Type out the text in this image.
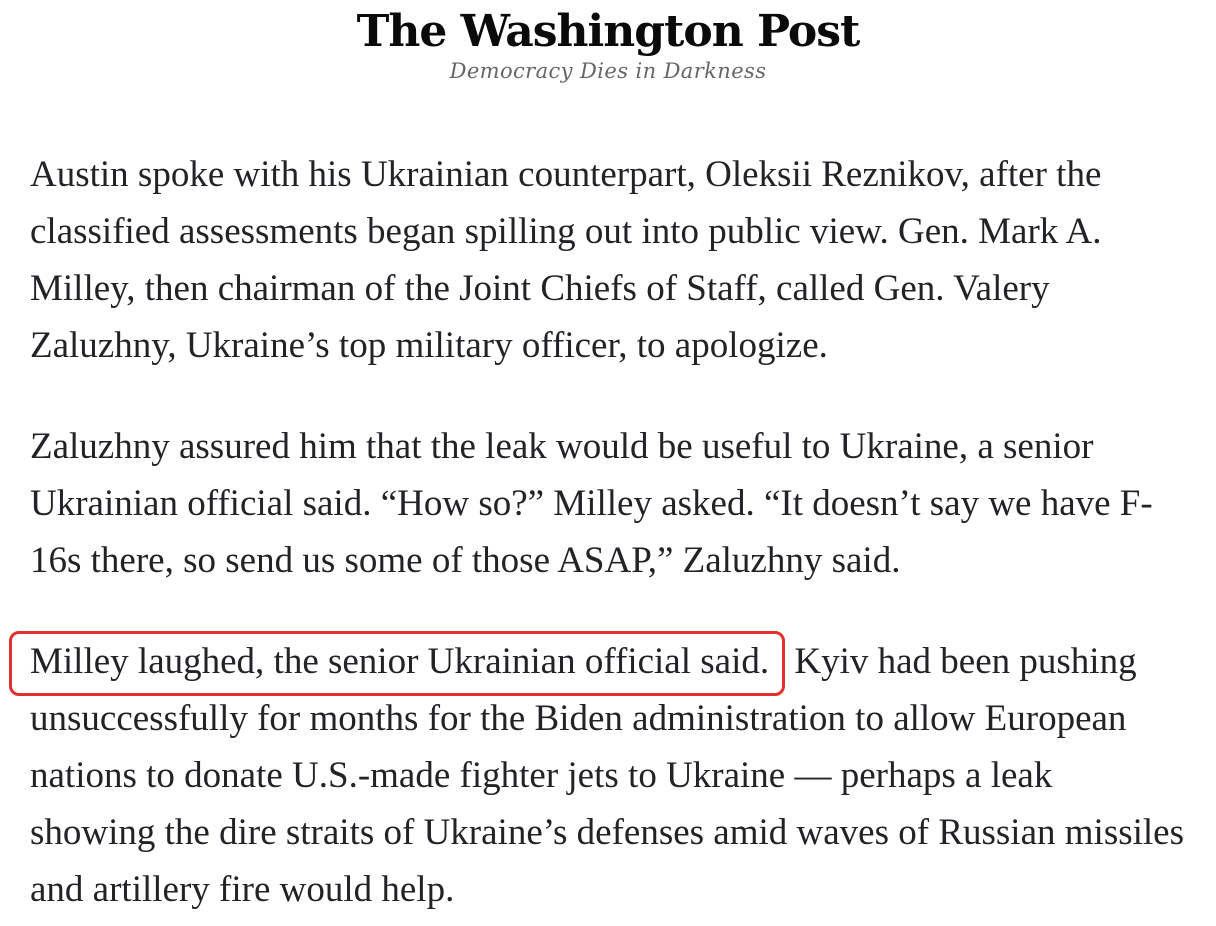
The Washington Post
Democracy Dies in Darkness

Austin spoke with his Ukrainian counterpart, Oleksii Reznikov, after the classified assessments began spilling out into public view. Gen. Mark A. Milley, then chairman of the Joint Chiefs of Staff, called Gen. Valery Zaluzhny, Ukraine’s top military officer, to apologize.

Zaluzhny assured him that the leak would be useful to Ukraine, a senior Ukrainian official said. “How so?” Milley asked. “It doesn’t say we have F-16s there, so send us some of those ASAP,” Zaluzhny said.

Milley laughed, the senior Ukrainian official said. Kyiv had been pushing unsuccessfully for months for the Biden administration to allow European nations to donate U.S.-made fighter jets to Ukraine — perhaps a leak showing the dire straits of Ukraine’s defenses amid waves of Russian missiles and artillery fire would help.
